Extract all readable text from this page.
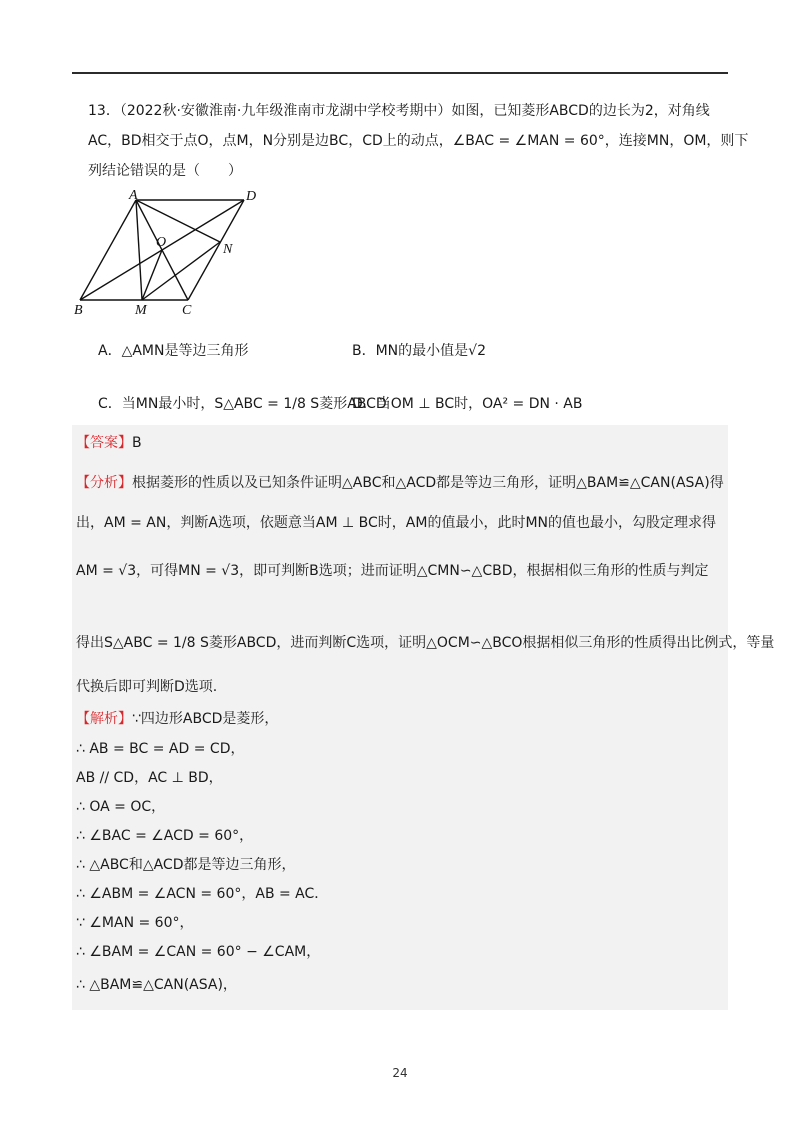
13．（2022秋·安徽淮南·九年级淮南市龙湖中学校考期中）如图，已知菱形ABCD的边长为2，对角线
AC，BD相交于点O，点M，N分别是边BC，CD上的动点，∠BAC = ∠MAN = 60°，连接MN，OM，则下
列结论错误的是（　　）
A	D
O	N
B	M	C
A．△AMN是等边三角形	B．MN的最小值是√2
C．当MN最小时，S△ABC = 1/8 S菱形ABCD
D．当OM ⊥ BC时，OA² = DN · AB
【答案】B
【分析】根据菱形的性质以及已知条件证明△ABC和△ACD都是等边三角形，证明△BAM≌△CAN(ASA)得
出，AM = AN，判断A选项，依题意当AM ⊥ BC时，AM的值最小，此时MN的值也最小，勾股定理求得
AM = √3，可得MN = √3，即可判断B选项；进而证明△CMN∽△CBD，根据相似三角形的性质与判定
得出S△ABC = 1/8 S菱形ABCD，进而判断C选项，证明△OCM∽△BCO根据相似三角形的性质得出比例式，等量
代换后即可判断D选项.
【解析】∵四边形ABCD是菱形，
∴ AB = BC = AD = CD，
AB // CD，AC ⊥ BD，
∴ OA = OC，
∴ ∠BAC = ∠ACD = 60°，
∴ △ABC和△ACD都是等边三角形，
∴ ∠ABM = ∠ACN = 60°，AB = AC．
∵ ∠MAN = 60°，
∴ ∠BAM = ∠CAN = 60° − ∠CAM，
∴ △BAM≌△CAN(ASA)，
24
